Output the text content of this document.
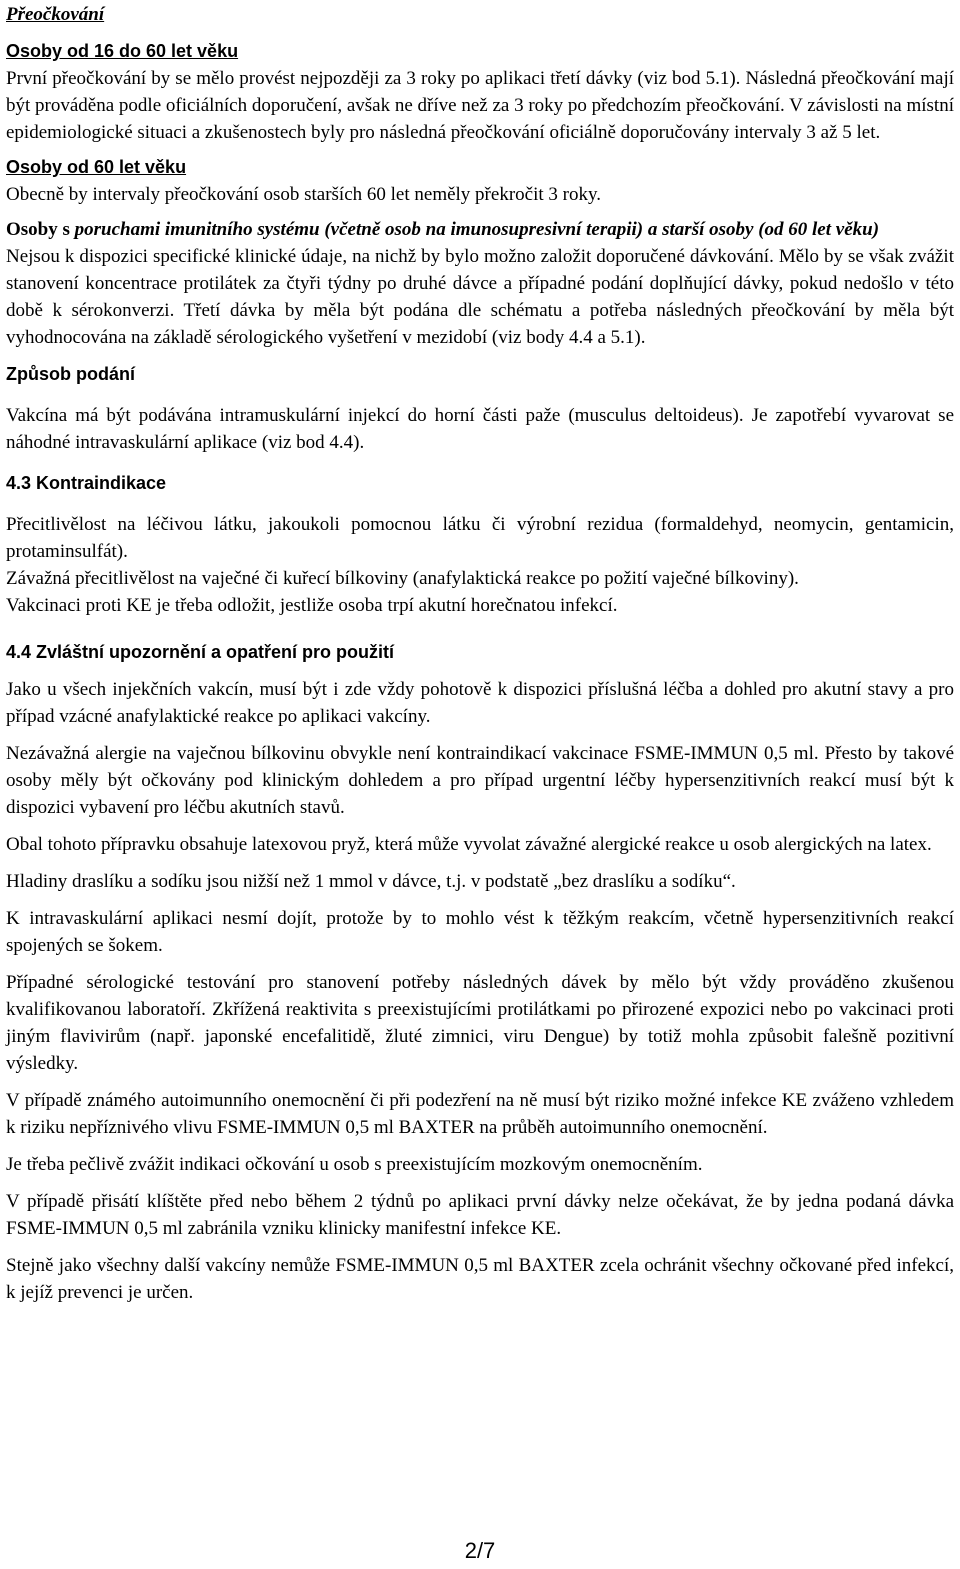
Přeočkování

Osoby od 16 do 60 let věku

První přeočkování by se mělo provést nejpozději za 3 roky po aplikaci třetí dávky (viz bod 5.1). Následná přeočkování mají být prováděna podle oficiálních doporučení, avšak ne dříve než za 3 roky po předchozím přeočkování. V závislosti na místní epidemiologické situaci a zkušenostech byly pro následná přeočkování oficiálně doporučovány intervaly 3 až 5 let.

Osoby od 60 let věku

Obecně by intervaly přeočkování osob starších 60 let neměly překročit 3 roky.

Osoby s poruchami imunitního systému (včetně osob na imunosupresivní terapii) a starší osoby (od 60 let věku)

Nejsou k dispozici specifické klinické údaje, na nichž by bylo možno založit doporučené dávkování. Mělo by se však zvážit stanovení koncentrace protilátek za čtyři týdny po druhé dávce a případné podání doplňující dávky, pokud nedošlo v této době k sérokonverzi. Třetí dávka by měla být podána dle schématu a potřeba následných přeočkování by měla být vyhodnocována na základě sérologického vyšetření v mezidobí (viz body 4.4 a 5.1).

Způsob podání

Vakcína má být podávána intramuskulární injekcí do horní části paže (musculus deltoideus). Je zapotřebí vyvarovat se náhodné intravaskulární aplikace (viz bod 4.4).

4.3 Kontraindikace

Přecitlivělost na léčivou látku, jakoukoli pomocnou látku či výrobní rezidua (formaldehyd, neomycin, gentamicin, protaminsulfát).

Závažná přecitlivělost na vaječné či kuřecí bílkoviny (anafylaktická reakce po požití vaječné bílkoviny).

Vakcinaci proti KE je třeba odložit, jestliže osoba trpí akutní horečnatou infekcí.

4.4 Zvláštní upozornění a opatření pro použití

Jako u všech injekčních vakcín, musí být i zde vždy pohotově k dispozici příslušná léčba a dohled pro akutní stavy a pro případ vzácné anafylaktické reakce po aplikaci vakcíny.

Nezávažná alergie na vaječnou bílkovinu obvykle není kontraindikací vakcinace FSME-IMMUN 0,5 ml. Přesto by takové osoby měly být očkovány pod klinickým dohledem a pro případ urgentní léčby hypersenzitivních reakcí musí být k dispozici vybavení pro léčbu akutních stavů.

Obal tohoto přípravku obsahuje latexovou pryž, která může vyvolat závažné alergické reakce u osob alergických na latex.

Hladiny draslíku a sodíku jsou nižší než 1 mmol v dávce, t.j. v podstatě „bez draslíku a sodíku“.

K intravaskulární aplikaci nesmí dojít, protože by to mohlo vést k těžkým reakcím, včetně hypersenzitivních reakcí spojených se šokem.

Případné sérologické testování pro stanovení potřeby následných dávek by mělo být vždy prováděno zkušenou kvalifikovanou laboratoří. Zkřížená reaktivita s preexistujícími protilátkami po přirozené expozici nebo po vakcinaci proti jiným flavivirům (např. japonské encefalitidě, žluté zimnici, viru Dengue) by totiž mohla způsobit falešně pozitivní výsledky.

V případě známého autoimunního onemocnění či při podezření na ně musí být riziko možné infekce KE zváženo vzhledem k riziku nepříznivého vlivu FSME-IMMUN 0,5 ml BAXTER na průběh autoimunního onemocnění.

Je třeba pečlivě zvážit indikaci očkování u osob s preexistujícím mozkovým onemocněním.

V případě přisátí klíštěte před nebo během 2 týdnů po aplikaci první dávky nelze očekávat, že by jedna podaná dávka FSME-IMMUN 0,5 ml zabránila vzniku klinicky manifestní infekce KE.

Stejně jako všechny další vakcíny nemůže FSME-IMMUN 0,5 ml BAXTER zcela ochránit všechny očkované před infekcí, k jejíž prevenci je určen.

2/7
